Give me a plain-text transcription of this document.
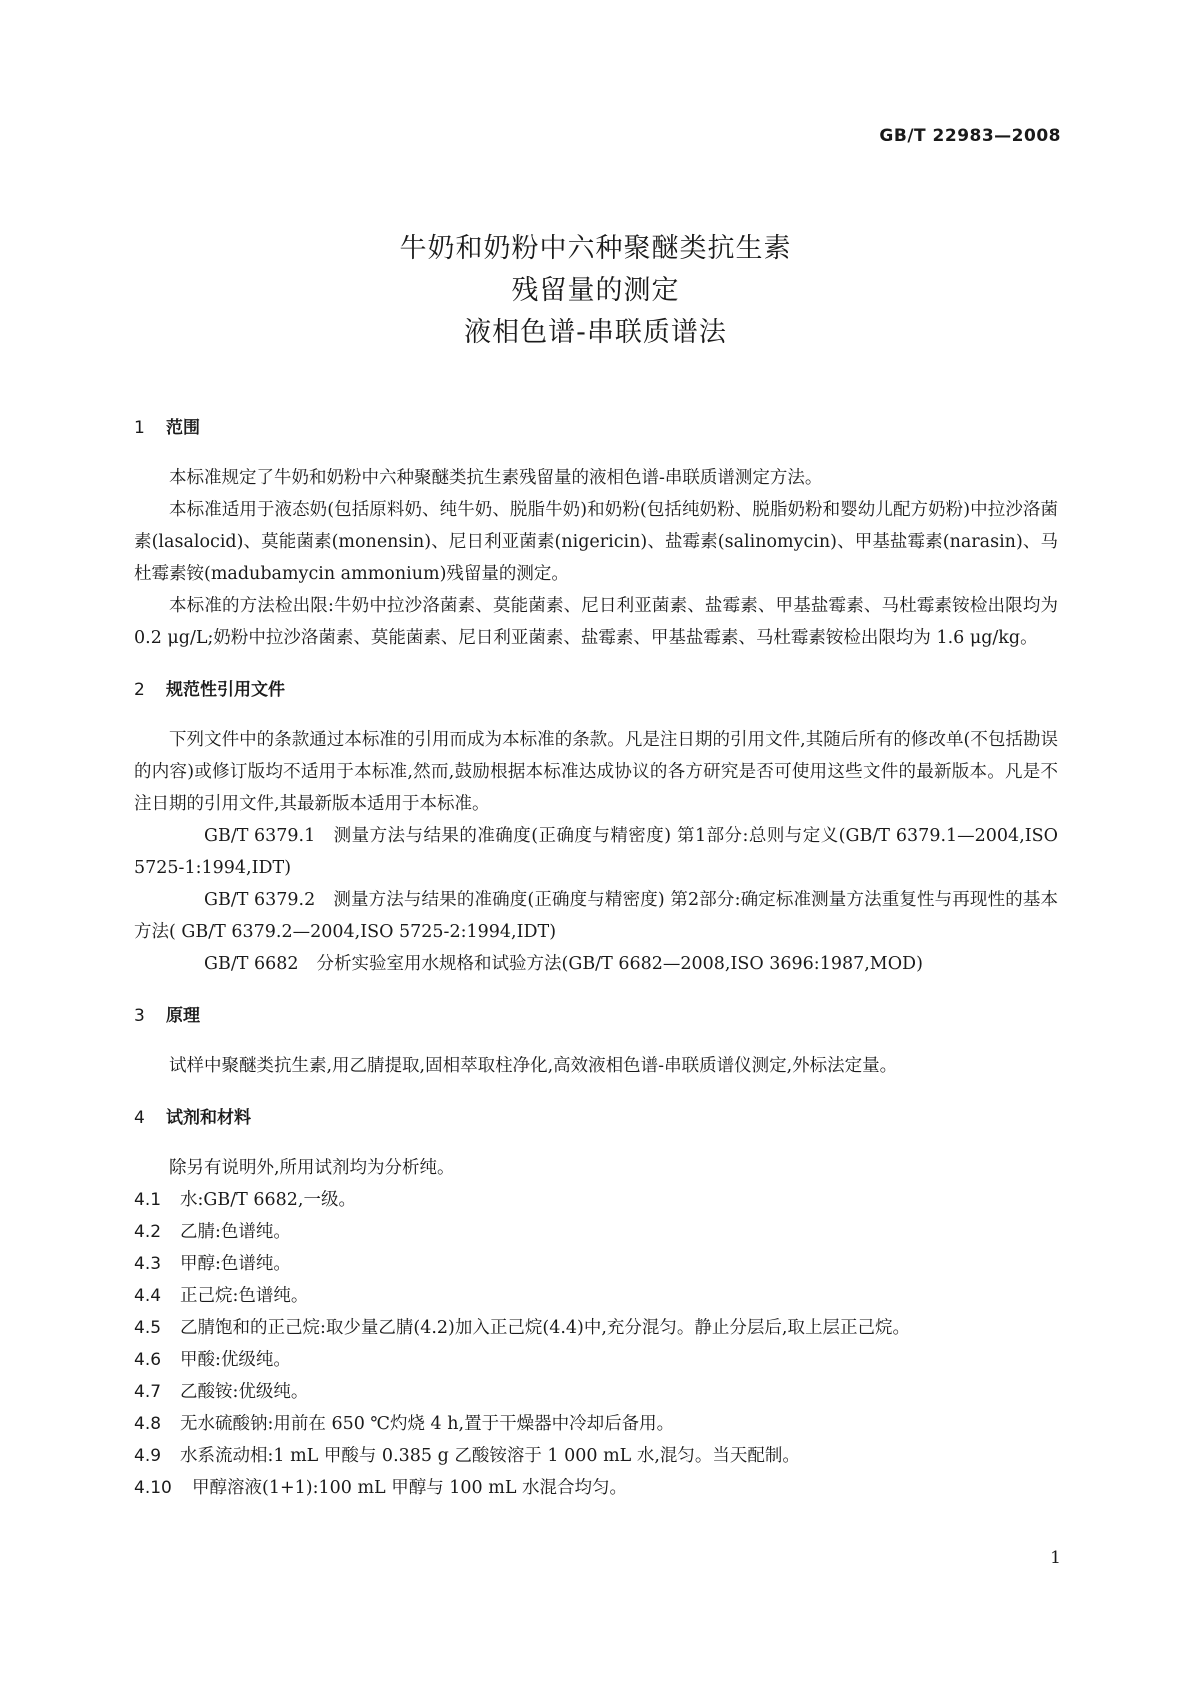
GB/T 22983—2008
牛奶和奶粉中六种聚醚类抗生素
残留量的测定
液相色谱-串联质谱法
1 范围

本标准规定了牛奶和奶粉中六种聚醚类抗生素残留量的液相色谱-串联质谱测定方法。

本标准适用于液态奶(包括原料奶、纯牛奶、脱脂牛奶)和奶粉(包括纯奶粉、脱脂奶粉和婴幼儿配方奶粉)中拉沙洛菌素(lasalocid)、莫能菌素(monensin)、尼日利亚菌素(nigericin)、盐霉素(salinomycin)、甲基盐霉素(narasin)、马杜霉素铵(madubamycin ammonium)残留量的测定。

本标准的方法检出限:牛奶中拉沙洛菌素、莫能菌素、尼日利亚菌素、盐霉素、甲基盐霉素、马杜霉素铵检出限均为 0.2 μg/L;奶粉中拉沙洛菌素、莫能菌素、尼日利亚菌素、盐霉素、甲基盐霉素、马杜霉素铵检出限均为 1.6 μg/kg。

2 规范性引用文件

下列文件中的条款通过本标准的引用而成为本标准的条款。凡是注日期的引用文件,其随后所有的修改单(不包括勘误的内容)或修订版均不适用于本标准,然而,鼓励根据本标准达成协议的各方研究是否可使用这些文件的最新版本。凡是不注日期的引用文件,其最新版本适用于本标准。

GB/T 6379.1 测量方法与结果的准确度(正确度与精密度) 第1部分:总则与定义(GB/T 6379.1—2004,ISO 5725-1:1994,IDT)

GB/T 6379.2 测量方法与结果的准确度(正确度与精密度) 第2部分:确定标准测量方法重复性与再现性的基本方法( GB/T 6379.2—2004,ISO 5725-2:1994,IDT)

GB/T 6682 分析实验室用水规格和试验方法(GB/T 6682—2008,ISO 3696:1987,MOD)

3 原理

试样中聚醚类抗生素,用乙腈提取,固相萃取柱净化,高效液相色谱-串联质谱仪测定,外标法定量。

4 试剂和材料

除另有说明外,所用试剂均为分析纯。

4.1 水:GB/T 6682,一级。

4.2 乙腈:色谱纯。

4.3 甲醇:色谱纯。

4.4 正己烷:色谱纯。

4.5 乙腈饱和的正己烷:取少量乙腈(4.2)加入正己烷(4.4)中,充分混匀。静止分层后,取上层正己烷。

4.6 甲酸:优级纯。

4.7 乙酸铵:优级纯。

4.8 无水硫酸钠:用前在 650 ℃灼烧 4 h,置于干燥器中冷却后备用。

4.9 水系流动相:1 mL 甲酸与 0.385 g 乙酸铵溶于 1 000 mL 水,混匀。当天配制。

4.10 甲醇溶液(1+1):100 mL 甲醇与 100 mL 水混合均匀。

1
